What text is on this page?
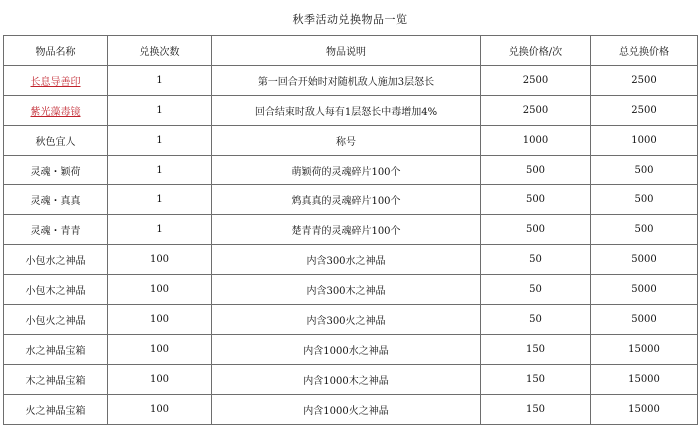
秋季活动兑换物品一览
物品名称	兑换次数	物品说明	兑换价格/次	总兑换价格
长息导善印	1	第一回合开始时对随机敌人施加3层怒长	2500	2500
紫光藻毒镜	1	回合结束时敌人每有1层怒长中毒增加4%	2500	2500
秋色宜人	1	称号	1000	1000
灵魂・颖荷	1	萌颖荷的灵魂碎片100个	500	500
灵魂・真真	1	鸩真真的灵魂碎片100个	500	500
灵魂・青青	1	楚青青的灵魂碎片100个	500	500
小包水之神晶	100	内含300水之神晶	50	5000
小包木之神晶	100	内含300木之神晶	50	5000
小包火之神晶	100	内含300火之神晶	50	5000
水之神晶宝箱	100	内含1000水之神晶	150	15000
木之神晶宝箱	100	内含1000木之神晶	150	15000
火之神晶宝箱	100	内含1000火之神晶	150	15000
